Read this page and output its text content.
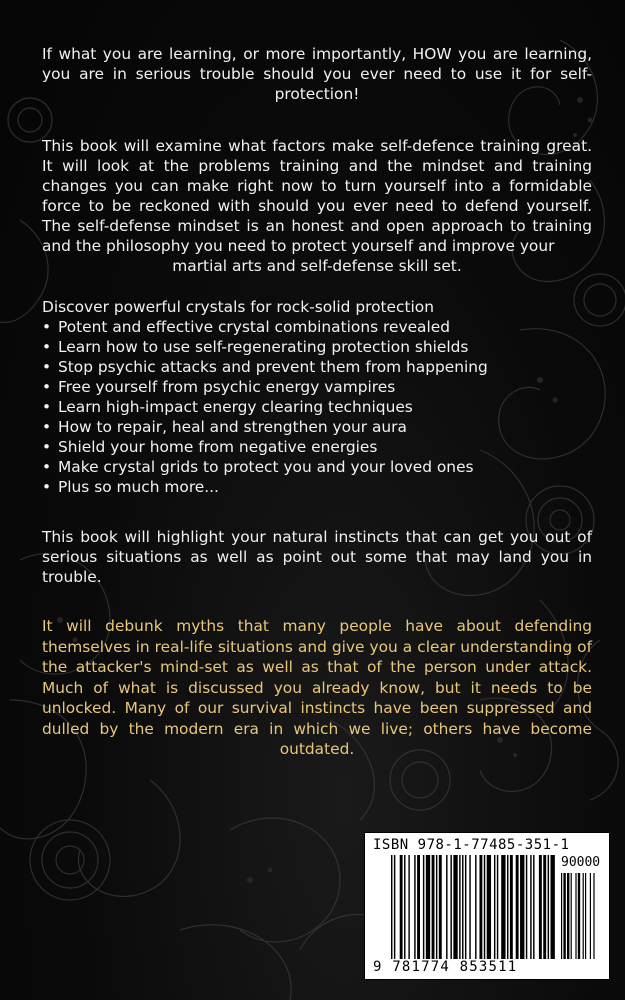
If what you are learning, or more importantly, HOW you are learning, you are in serious trouble should you ever need to use it for self-protection!
This book will examine what factors make self-defence training great. It will look at the problems training and the mindset and training changes you can make right now to turn yourself into a formidable force to be reckoned with should you ever need to defend yourself. The self-defense mindset is an honest and open approach to training and the philosophy you need to protect yourself and improve your
martial arts and self-defense skill set.
Discover powerful crystals for rock-solid protection
• Potent and effective crystal combinations revealed
• Learn how to use self-regenerating protection shields
• Stop psychic attacks and prevent them from happening
• Free yourself from psychic energy vampires
• Learn high-impact energy clearing techniques
• How to repair, heal and strengthen your aura
• Shield your home from negative energies
• Make crystal grids to protect you and your loved ones
• Plus so much more...
This book will highlight your natural instincts that can get you out of serious situations as well as point out some that may land you in trouble.
It will debunk myths that many people have about defending themselves in real-life situations and give you a clear understanding of the attacker's mind-set as well as that of the person under attack. Much of what is discussed you already know, but it needs to be unlocked. Many of our survival instincts have been suppressed and dulled by the modern era in which we live; others have become outdated.
ISBN 978-1-77485-351-1
90000
9 781774 853511
